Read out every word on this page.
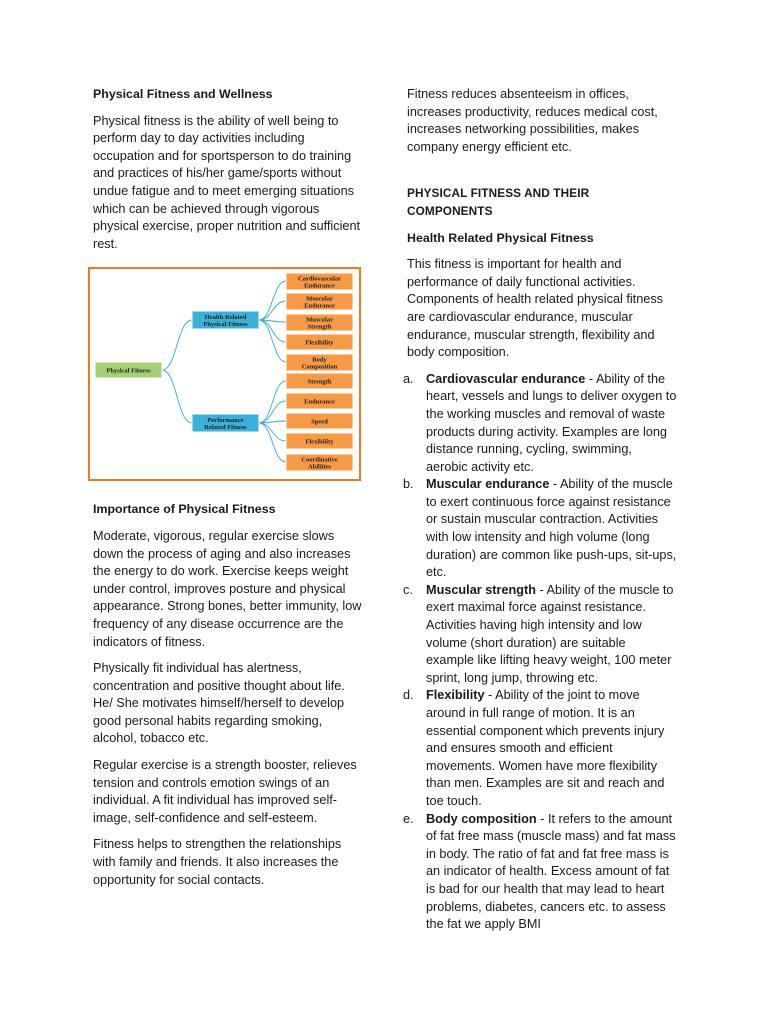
Physical Fitness and Wellness

Physical fitness is the ability of well being to perform day to day activities including occupation and for sportsperson to do training and practices of his/her game/sports without undue fatigue and to meet emerging situations which can be achieved through vigorous physical exercise, proper nutrition and sufficient rest.

Physical Fitness
Health Related
Physical Fitness
Performance
Related Fitness
Cardiovascular
Endurance
Muscular
Endurance
Muscular
Strength
Flexibility
Body
Composition
Strength
Endurance
Speed
Flexibility
Coordinative
Abilities
Importance of Physical Fitness

Moderate, vigorous, regular exercise slows down the process of aging and also increases the energy to do work. Exercise keeps weight under control, improves posture and physical appearance. Strong bones, better immunity, low frequency of any disease occurrence are the indicators of fitness.

Physically fit individual has alertness, concentration and positive thought about life. He/ She motivates himself/herself to develop good personal habits regarding smoking, alcohol, tobacco etc.

Regular exercise is a strength booster, relieves tension and controls emotion swings of an individual. A fit individual has improved self-image, self-confidence and self-esteem.

Fitness helps to strengthen the relationships with family and friends. It also increases the opportunity for social contacts.

Fitness reduces absenteeism in offices, increases productivity, reduces medical cost, increases networking possibilities, makes company energy efficient etc.

PHYSICAL FITNESS AND THEIR COMPONENTS
Health Related Physical Fitness

This fitness is important for health and performance of daily functional activities. Components of health related physical fitness are cardiovascular endurance, muscular endurance, muscular strength, flexibility and body composition.

a. Cardiovascular endurance - Ability of the heart, vessels and lungs to deliver oxygen to the working muscles and removal of waste products during activity. Examples are long distance running, cycling, swimming, aerobic activity etc.
b. Muscular endurance - Ability of the muscle to exert continuous force against resistance or sustain muscular contraction. Activities with low intensity and high volume (long duration) are common like push-ups, sit-ups, etc.
c. Muscular strength - Ability of the muscle to exert maximal force against resistance. Activities having high intensity and low volume (short duration) are suitable example like lifting heavy weight, 100 meter sprint, long jump, throwing etc.
d. Flexibility - Ability of the joint to move around in full range of motion. It is an essential component which prevents injury and ensures smooth and efficient movements. Women have more flexibility than men. Examples are sit and reach and toe touch.
e. Body composition - It refers to the amount of fat free mass (muscle mass) and fat mass in body. The ratio of fat and fat free mass is an indicator of health. Excess amount of fat is bad for our health that may lead to heart problems, diabetes, cancers etc. to assess the fat we apply BMI
